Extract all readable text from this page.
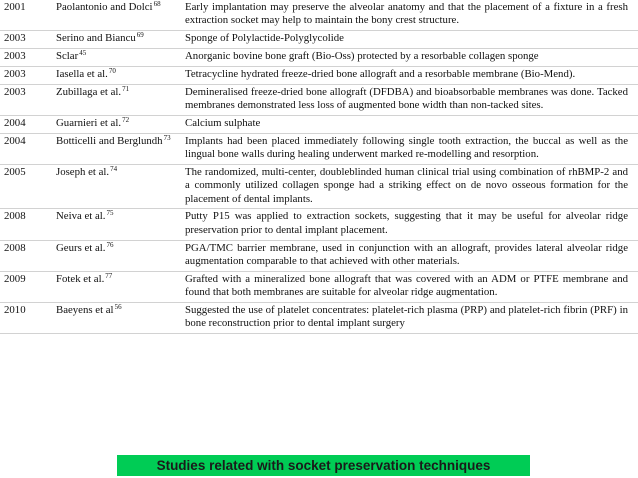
2001	Paolantonio and Dolci$^{68}$	Early implantation may preserve the alveolar anatomy and that the placement of a fixture in a fresh extraction socket may help to maintain the bony crest structure.
2003	Serino and Biancu$^{69}$	Sponge of Polylactide-Polyglycolide
2003	Sclar$^{45}$	Anorganic bovine bone graft (Bio-Oss) protected by a resorbable collagen sponge
2003	Iasella et al.$^{70}$	Tetracycline hydrated freeze-dried bone allograft and a resorbable membrane (Bio-Mend).
2003	Zubillaga et al.$^{71}$	Demineralised freeze-dried bone allograft (DFDBA) and bioabsorbable membranes was done. Tacked membranes demonstrated less loss of augmented bone width than non-tacked sites.
2004	Guarnieri et al.$^{72}$	Calcium sulphate
2004	Botticelli and Berglundh$^{73}$	Implants had been placed immediately following single tooth extraction, the buccal as well as the lingual bone walls during healing underwent marked re-modelling and resorption.
2005	Joseph et al.$^{74}$	The randomized, multi-center, doubleblinded human clinical trial using combination of rhBMP-2 and a commonly utilized collagen sponge had a striking effect on de novo osseous formation for the placement of dental implants.
2008	Neiva et al.$^{75}$	Putty P15 was applied to extraction sockets, suggesting that it may be useful for alveolar ridge preservation prior to dental implant placement.
2008	Geurs et al.$^{76}$	PGA/TMC barrier membrane, used in conjunction with an allograft, provides lateral alveolar ridge augmentation comparable to that achieved with other materials.
2009	Fotek et al.$^{77}$	Grafted with a mineralized bone allograft that was covered with an ADM or PTFE membrane and found that both membranes are suitable for alveolar ridge augmentation.
2010	Baeyens et $al^{56}$	Suggested the use of platelet concentrates: platelet-rich plasma (PRP) and platelet-rich fibrin (PRF) in bone reconstruction prior to dental implant surgery
Studies related with socket preservation techniques
